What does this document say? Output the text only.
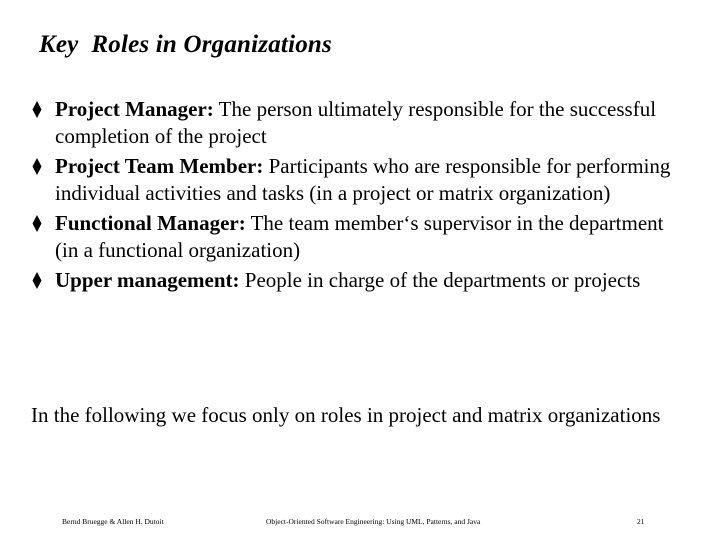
Key  Roles in Organizations
Project Manager: The person ultimately responsible for the successful completion of the project
Project Team Member: Participants who are responsible for performing individual activities and tasks (in a project or matrix organization)
Functional Manager: The team member‘s supervisor in the department (in a functional organization)
Upper management: People in charge of the departments or projects
In the following we focus only on roles in project and matrix organizations
Bernd Bruegge & Allen H. Dutoit	Object-Oriented Software Engineering: Using UML, Patterns, and Java	21
